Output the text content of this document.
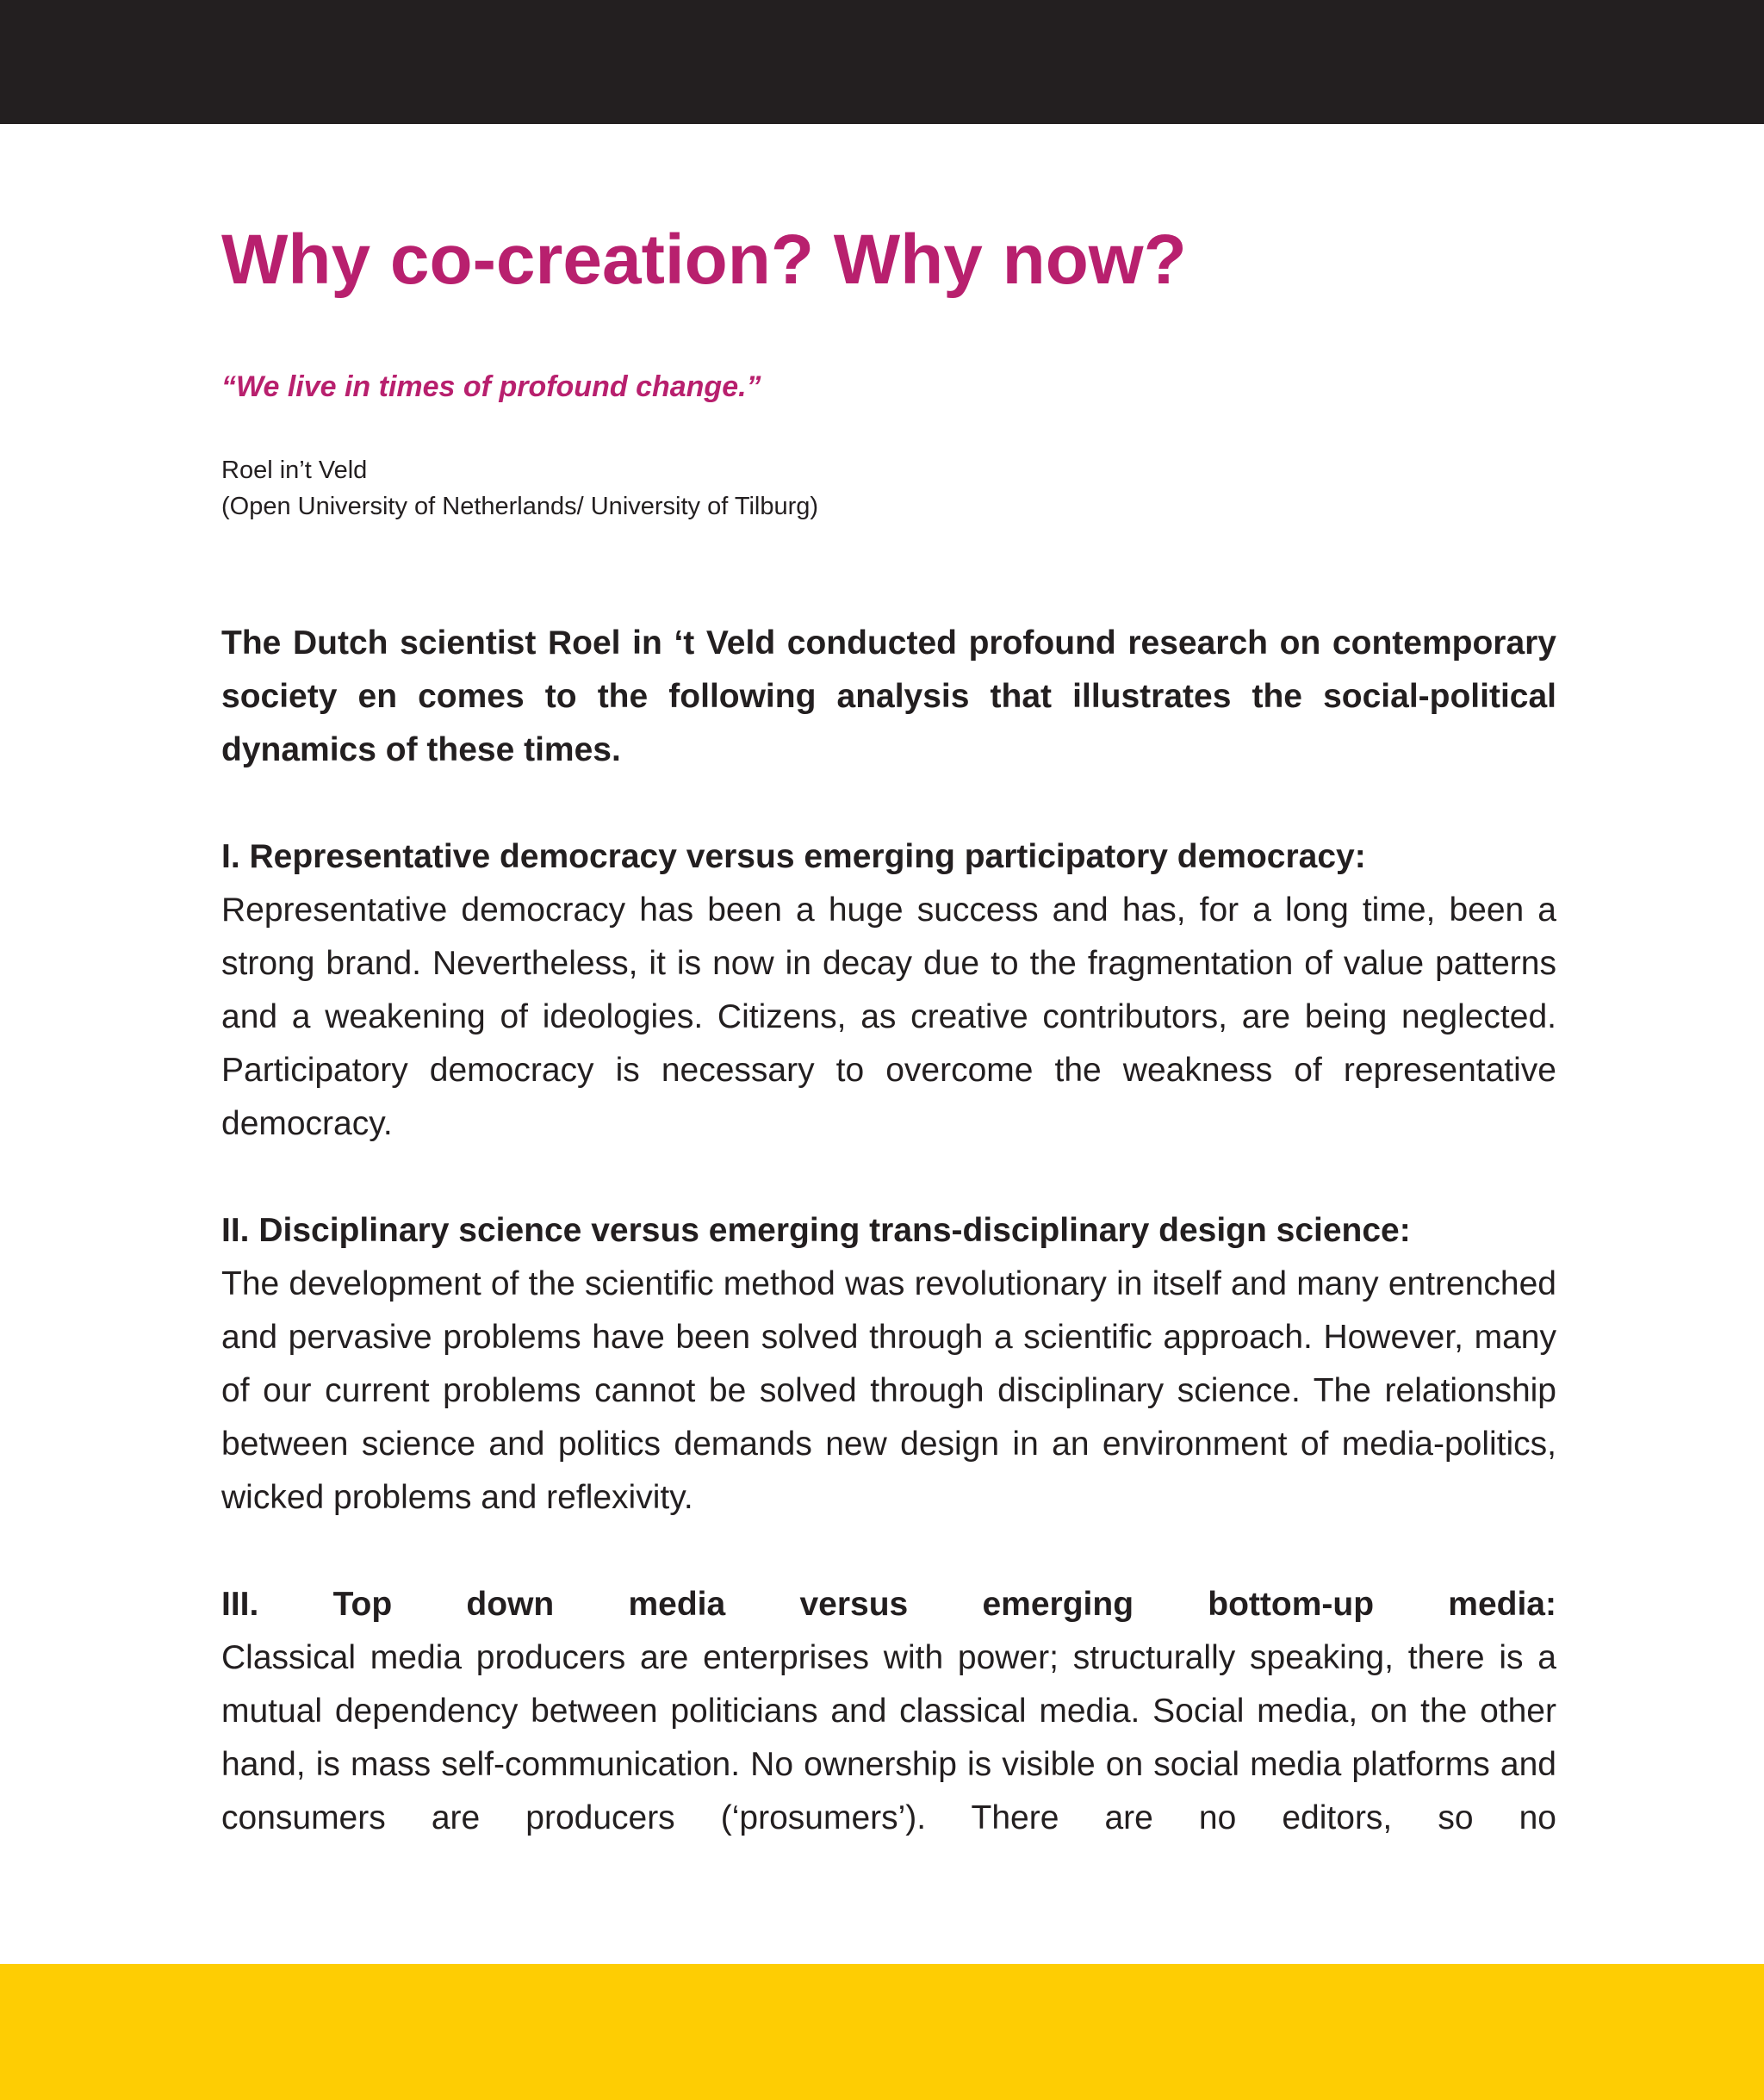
Why co-creation? Why now?

“We live in times of profound change.”

Roel in’t Veld
(Open University of Netherlands/ University of Tilburg)

The Dutch scientist Roel in ‘t Veld conducted profound research on contemporary society en comes to the following analysis that illustrates the social-political dynamics of these times.

I. Representative democracy versus emerging participatory democracy:
Representative democracy has been a huge success and has, for a long time, been a strong brand. Nevertheless, it is now in decay due to the fragmentation of value patterns and a weakening of ideologies. Citizens, as creative contributors, are being neglected. Participatory democracy is necessary to overcome the weakness of representative democracy.

II. Disciplinary science versus emerging trans-disciplinary design science:
The development of the scientific method was revolutionary in itself and many entrenched and pervasive problems have been solved through a scientific approach. However, many of our current problems cannot be solved through disciplinary science. The relationship between science and politics demands new design in an environment of media-politics, wicked problems and reflexivity.

III. Top down media versus emerging bottom-up media:
Classical media producers are enterprises with power; structurally speaking, there is a mutual dependency between politicians and classical media. Social media, on the other hand, is mass self-communication. No ownership is visible on social media platforms and consumers are producers (‘prosumers’). There are no editors, so no
